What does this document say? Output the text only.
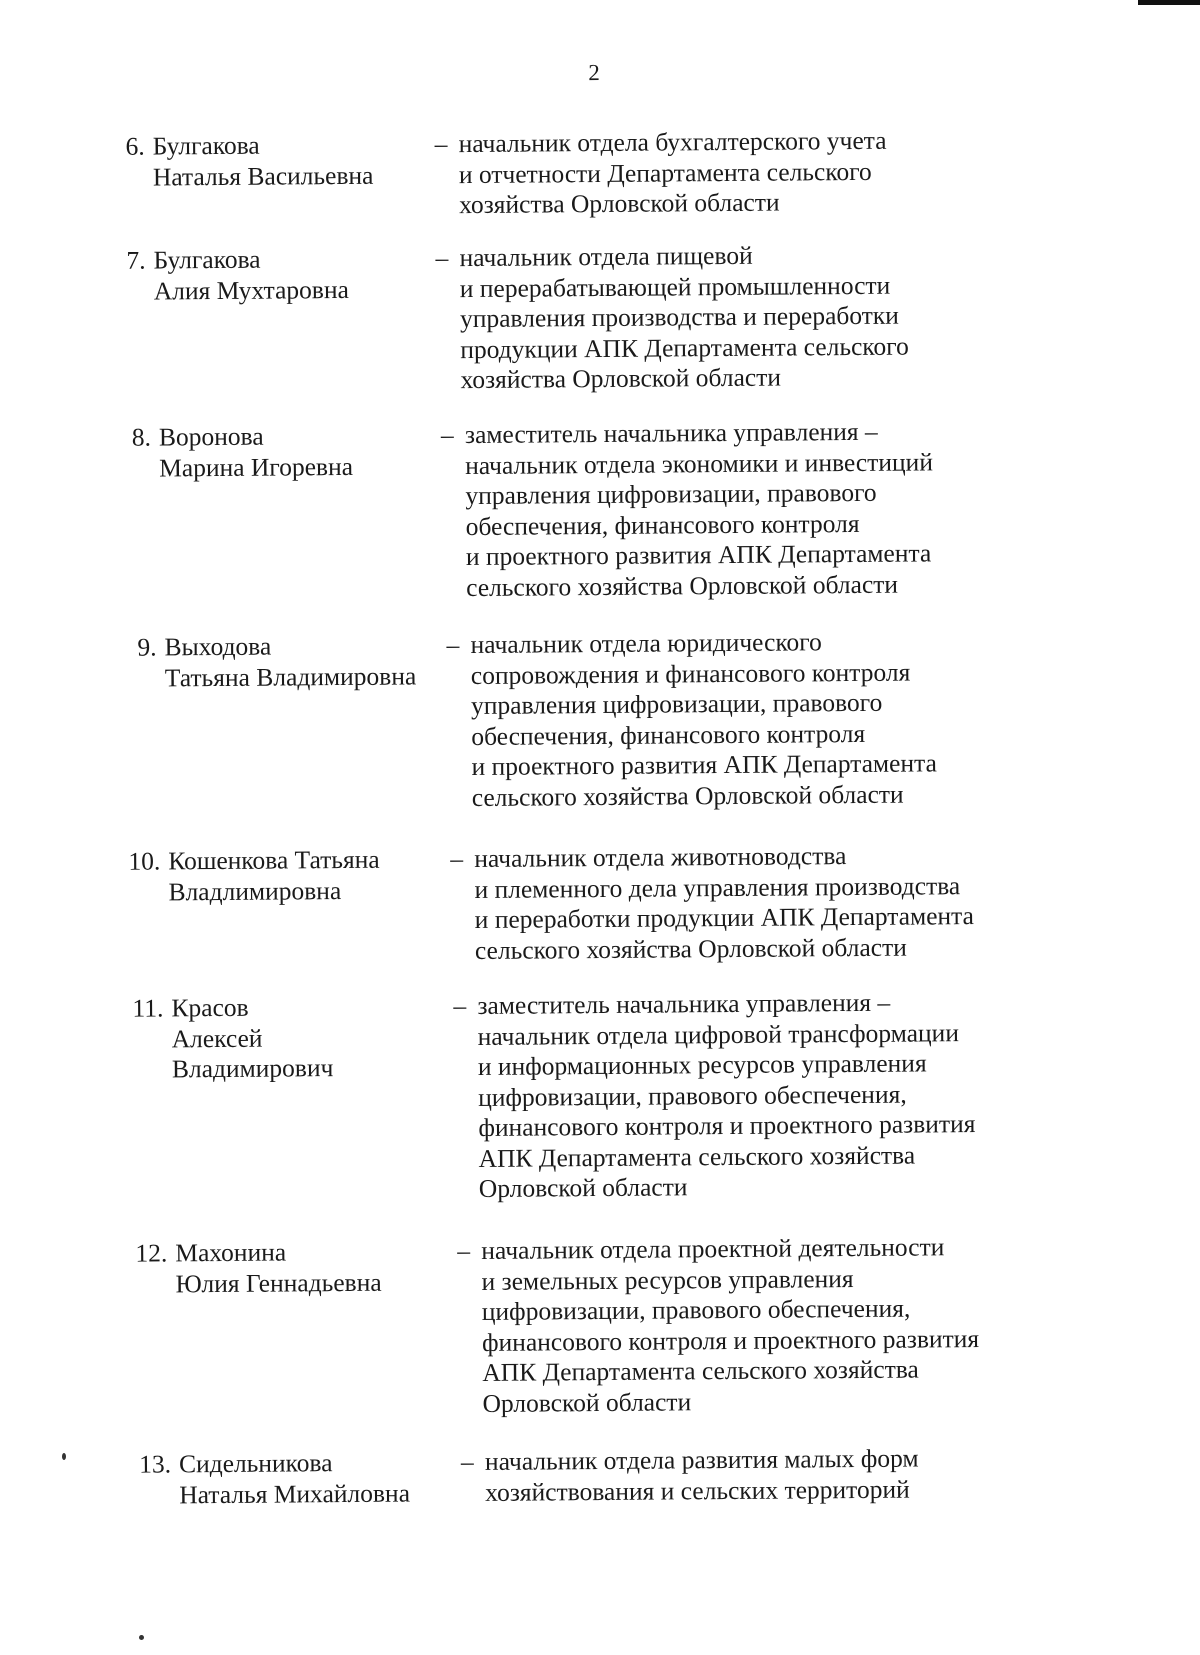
2
6. Булгакова
Наталья Васильевна
– начальник отдела бухгалтерского учета
и отчетности Департамента сельского
хозяйства Орловской области
7. Булгакова
Алия Мухтаровна
– начальник отдела пищевой
и перерабатывающей промышленности
управления производства и переработки
продукции АПК Департамента сельского
хозяйства Орловской области
8. Воронова
Марина Игоревна
– заместитель начальника управления –
начальник отдела экономики и инвестиций
управления цифровизации, правового
обеспечения, финансового контроля
и проектного развития АПК Департамента
сельского хозяйства Орловской области
9. Выходова
Татьяна Владимировна
– начальник отдела юридического
сопровождения и финансового контроля
управления цифровизации, правового
обеспечения, финансового контроля
и проектного развития АПК Департамента
сельского хозяйства Орловской области
10. Кошенкова Татьяна
Владлимировна
– начальник отдела животноводства
и племенного дела управления производства
и переработки продукции АПК Департамента
сельского хозяйства Орловской области
11. Красов
Алексей
Владимирович
– заместитель начальника управления –
начальник отдела цифровой трансформации
и информационных ресурсов управления
цифровизации, правового обеспечения,
финансового контроля и проектного развития
АПК Департамента сельского хозяйства
Орловской области
12. Махонина
Юлия Геннадьевна
– начальник отдела проектной деятельности
и земельных ресурсов управления
цифровизации, правового обеспечения,
финансового контроля и проектного развития
АПК Департамента сельского хозяйства
Орловской области
13. Сидельникова
Наталья Михайловна
– начальник отдела развития малых форм
хозяйствования и сельских территорий
